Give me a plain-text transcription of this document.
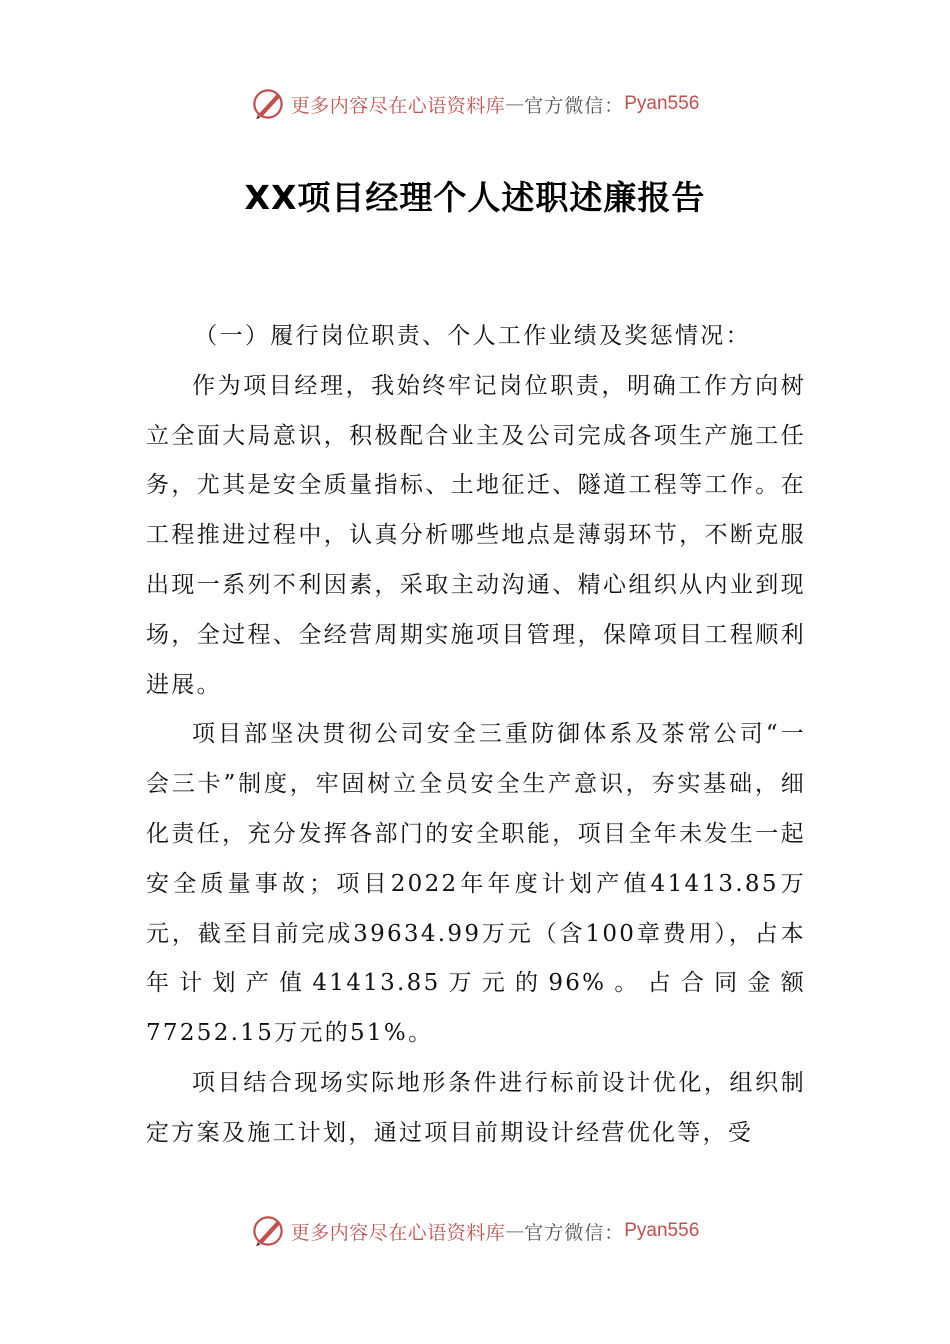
更多内容尽在心语资料库 — 官方微信： Pyan556
XX项目经理个人述职述廉报告

（一）履行岗位职责、个人工作业绩及奖惩情况：

作为项目经理，我始终牢记岗位职责，明确工作方向树立全面大局意识，积极配合业主及公司完成各项生产施工任务，尤其是安全质量指标、土地征迁、隧道工程等工作。在工程推进过程中，认真分析哪些地点是薄弱环节，不断克服出现一系列不利因素，采取主动沟通、精心组织从内业到现场，全过程、全经营周期实施项目管理，保障项目工程顺利进展。

项目部坚决贯彻公司安全三重防御体系及茶常公司“一会三卡”制度，牢固树立全员安全生产意识，夯实基础，细化责任，充分发挥各部门的安全职能，项目全年未发生一起安全质量事故；项目2022年年度计划产值41413.85万元，截至目前完成39634.99万元（含100章费用），占本年计划产值41413.85万元的96%。占合同金额77252.15万元的51%。

项目结合现场实际地形条件进行标前设计优化，组织制定方案及施工计划，通过项目前期设计经营优化等，受

更多内容尽在心语资料库 — 官方微信： Pyan556
